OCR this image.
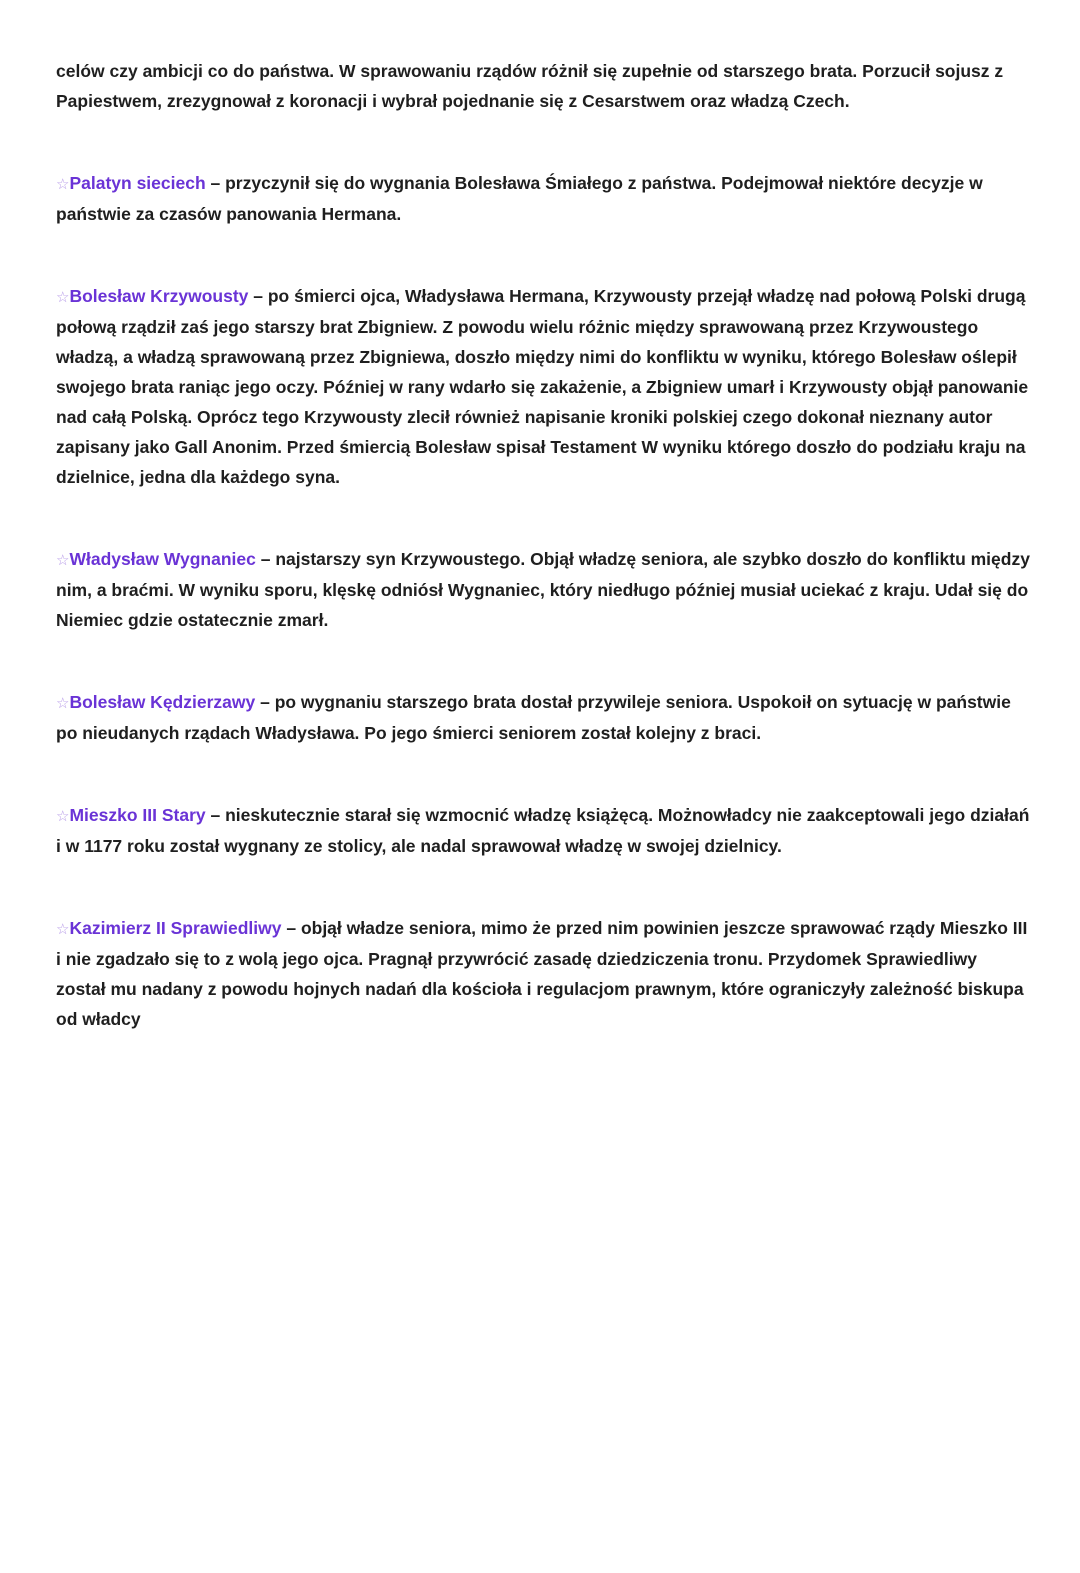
celów czy ambicji co do państwa. W sprawowaniu rządów różnił się zupełnie od starszego brata. Porzucił sojusz z Papiestwem, zrezygnował z koronacji i wybrał pojednanie się z Cesarstwem oraz władzą Czech.

☆Palatyn sieciech – przyczynił się do wygnania Bolesława Śmiałego z państwa. Podejmował niektóre decyzje w państwie za czasów panowania Hermana.

☆Bolesław Krzywousty – po śmierci ojca, Władysława Hermana, Krzywousty przejął władzę nad połową Polski drugą połową rządził zaś jego starszy brat Zbigniew. Z powodu wielu różnic między sprawowaną przez Krzywoustego władzą, a władzą sprawowaną przez Zbigniewa, doszło między nimi do konfliktu w wyniku, którego Bolesław oślepił swojego brata raniąc jego oczy. Później w rany wdarło się zakażenie, a Zbigniew umarł i Krzywousty objął panowanie nad całą Polską. Oprócz tego Krzywousty zlecił również napisanie kroniki polskiej czego dokonał nieznany autor zapisany jako Gall Anonim. Przed śmiercią Bolesław spisał Testament W wyniku którego doszło do podziału kraju na dzielnice, jedna dla każdego syna.

☆Władysław Wygnaniec – najstarszy syn Krzywoustego. Objął władzę seniora, ale szybko doszło do konfliktu między nim, a braćmi. W wyniku sporu, klęskę odniósł Wygnaniec, który niedługo później musiał uciekać z kraju. Udał się do Niemiec gdzie ostatecznie zmarł.

☆Bolesław Kędzierzawy – po wygnaniu starszego brata dostał przywileje seniora. Uspokoił on sytuację w państwie po nieudanych rządach Władysława. Po jego śmierci seniorem został kolejny z braci.

☆Mieszko III Stary – nieskutecznie starał się wzmocnić władzę książęcą. Możnowładcy nie zaakceptowali jego działań i w 1177 roku został wygnany ze stolicy, ale nadal sprawował władzę w swojej dzielnicy.

☆Kazimierz II Sprawiedliwy – objął władze seniora, mimo że przed nim powinien jeszcze sprawować rządy Mieszko III i nie zgadzało się to z wolą jego ojca. Pragnął przywrócić zasadę dziedziczenia tronu. Przydomek Sprawiedliwy został mu nadany z powodu hojnych nadań dla kościoła i regulacjom prawnym, które ograniczyły zależność biskupa od władcy
